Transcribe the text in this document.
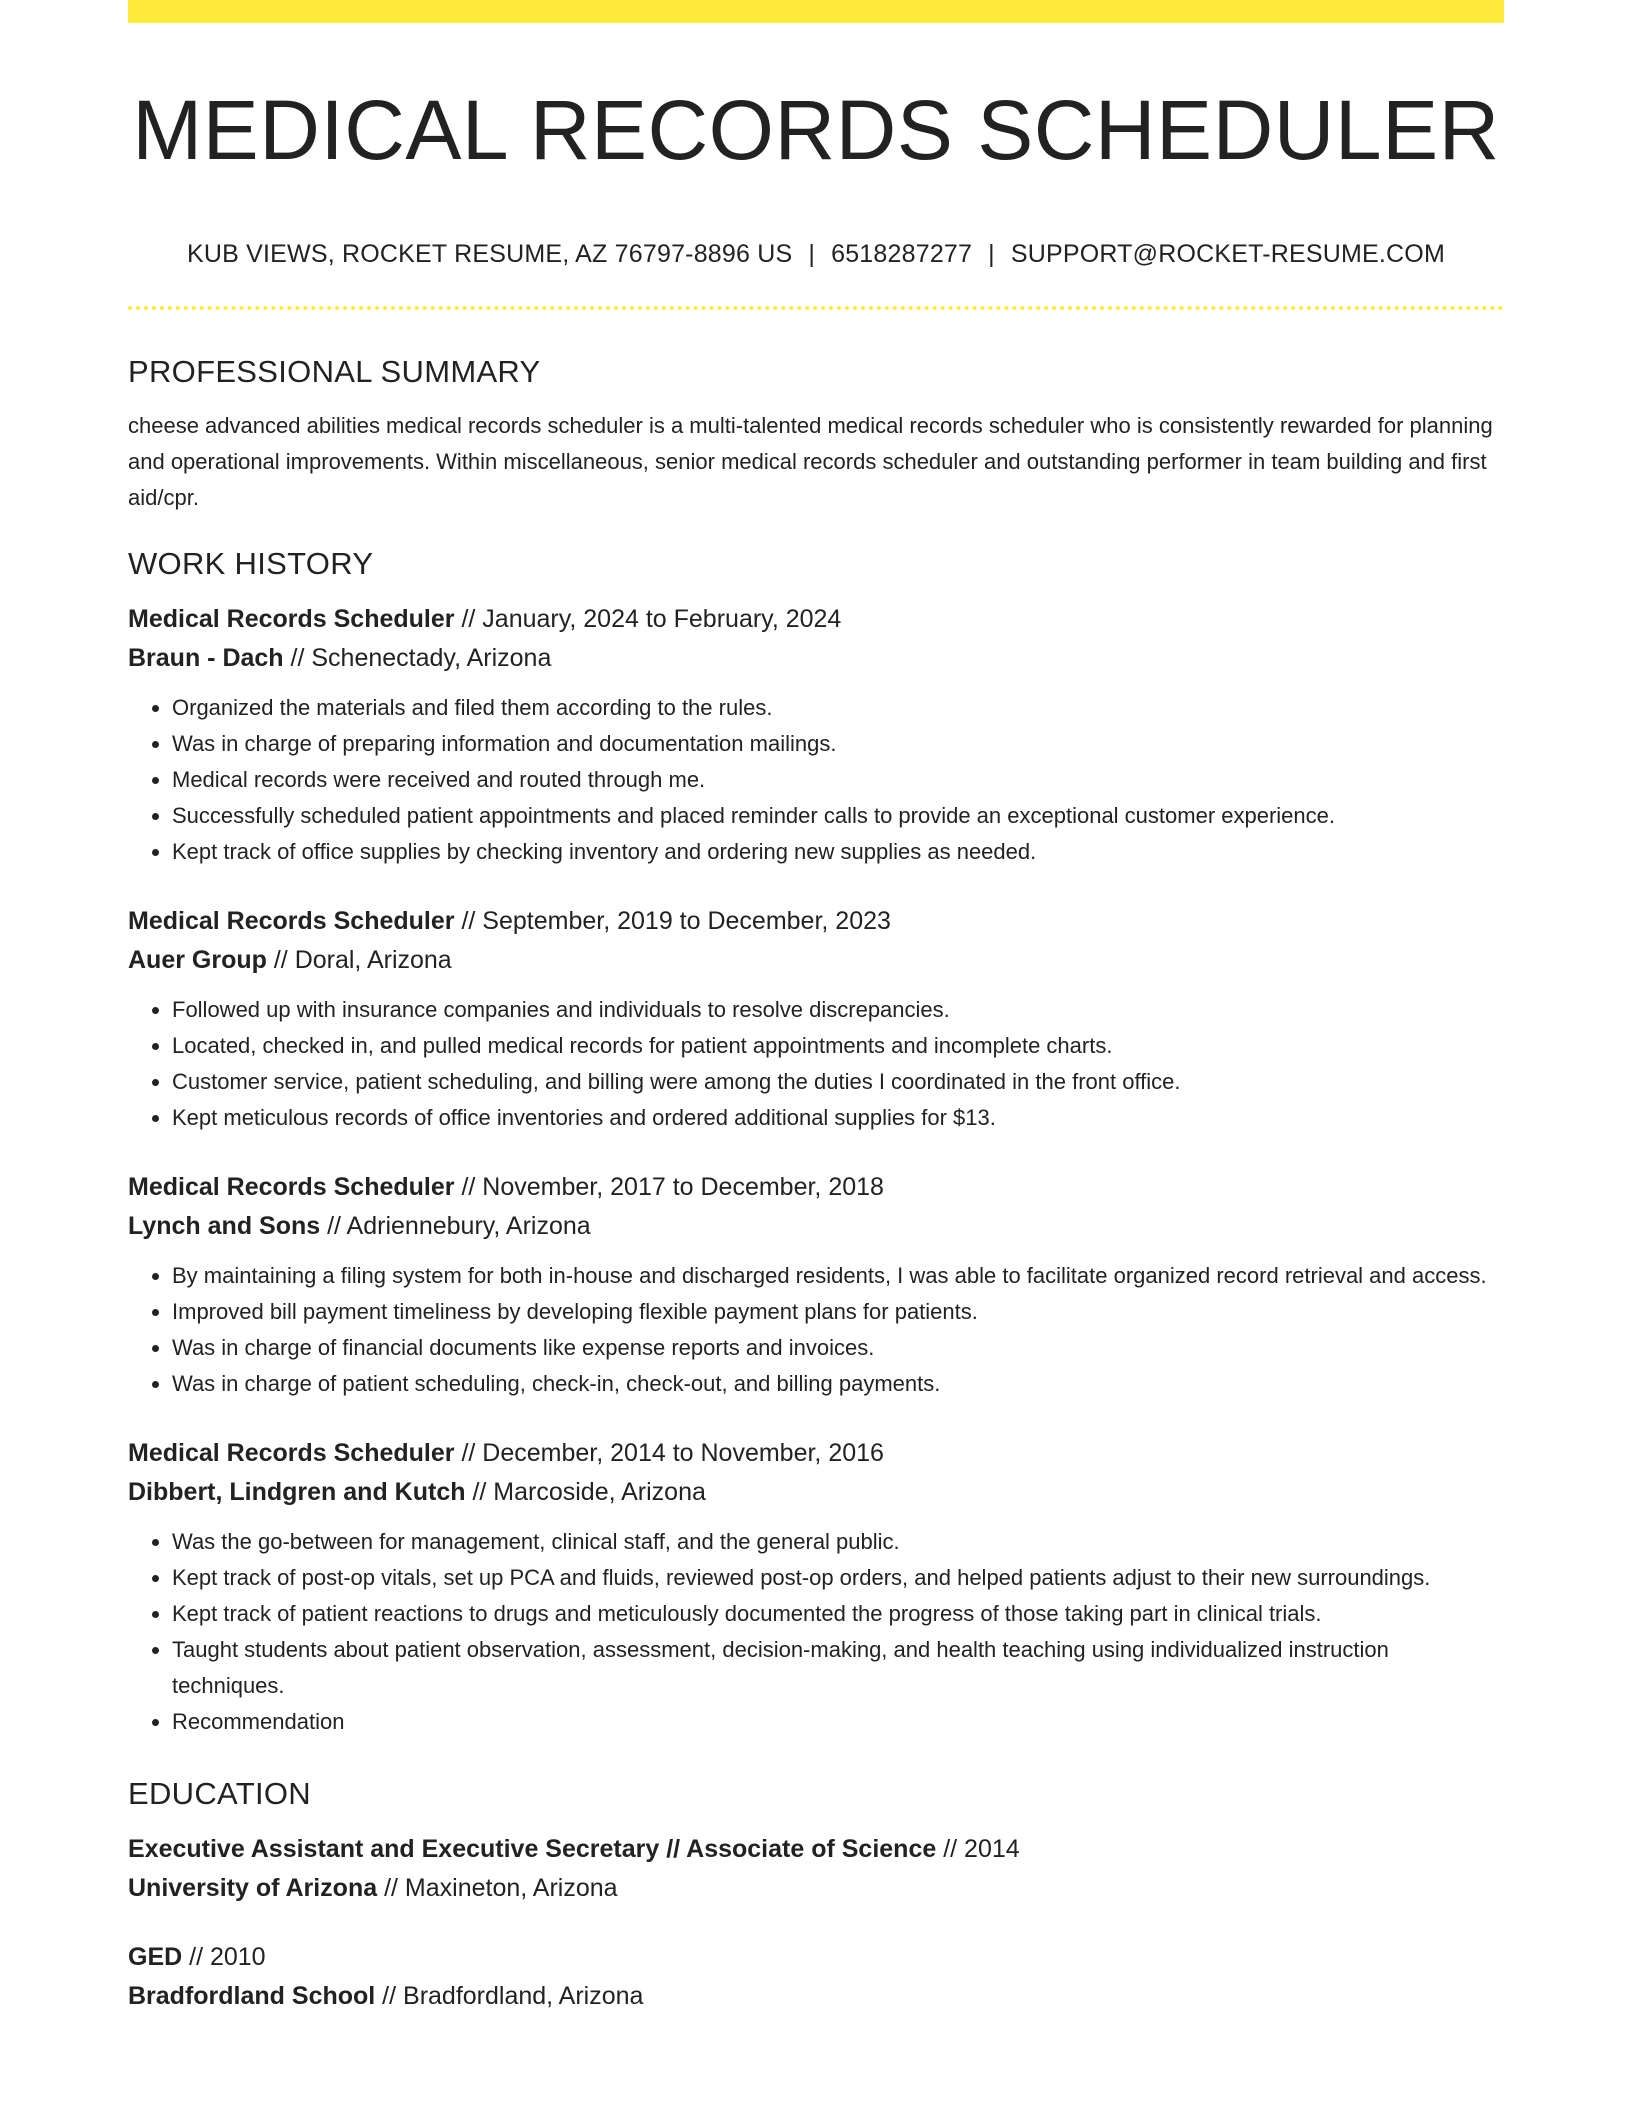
MEDICAL RECORDS SCHEDULER
KUB VIEWS, ROCKET RESUME, AZ 76797-8896 US | 6518287277 | SUPPORT@ROCKET-RESUME.COM
PROFESSIONAL SUMMARY

cheese advanced abilities medical records scheduler is a multi-talented medical records scheduler who is consistently rewarded for planning and operational improvements. Within miscellaneous, senior medical records scheduler and outstanding performer in team building and first aid/cpr.

WORK HISTORY
Medical Records Scheduler // January, 2024 to February, 2024
Braun - Dach // Schenectady, Arizona
• Organized the materials and filed them according to the rules.
• Was in charge of preparing information and documentation mailings.
• Medical records were received and routed through me.
• Successfully scheduled patient appointments and placed reminder calls to provide an exceptional customer experience.
• Kept track of office supplies by checking inventory and ordering new supplies as needed.
Medical Records Scheduler // September, 2019 to December, 2023
Auer Group // Doral, Arizona
• Followed up with insurance companies and individuals to resolve discrepancies.
• Located, checked in, and pulled medical records for patient appointments and incomplete charts.
• Customer service, patient scheduling, and billing were among the duties I coordinated in the front office.
• Kept meticulous records of office inventories and ordered additional supplies for $13.
Medical Records Scheduler // November, 2017 to December, 2018
Lynch and Sons // Adriennebury, Arizona
• By maintaining a filing system for both in-house and discharged residents, I was able to facilitate organized record retrieval and access.
• Improved bill payment timeliness by developing flexible payment plans for patients.
• Was in charge of financial documents like expense reports and invoices.
• Was in charge of patient scheduling, check-in, check-out, and billing payments.
Medical Records Scheduler // December, 2014 to November, 2016
Dibbert, Lindgren and Kutch // Marcoside, Arizona
• Was the go-between for management, clinical staff, and the general public.
• Kept track of post-op vitals, set up PCA and fluids, reviewed post-op orders, and helped patients adjust to their new surroundings.
• Kept track of patient reactions to drugs and meticulously documented the progress of those taking part in clinical trials.
• Taught students about patient observation, assessment, decision-making, and health teaching using individualized instruction techniques.
• Recommendation
EDUCATION
Executive Assistant and Executive Secretary // Associate of Science // 2014
University of Arizona // Maxineton, Arizona
GED // 2010
Bradfordland School // Bradfordland, Arizona
